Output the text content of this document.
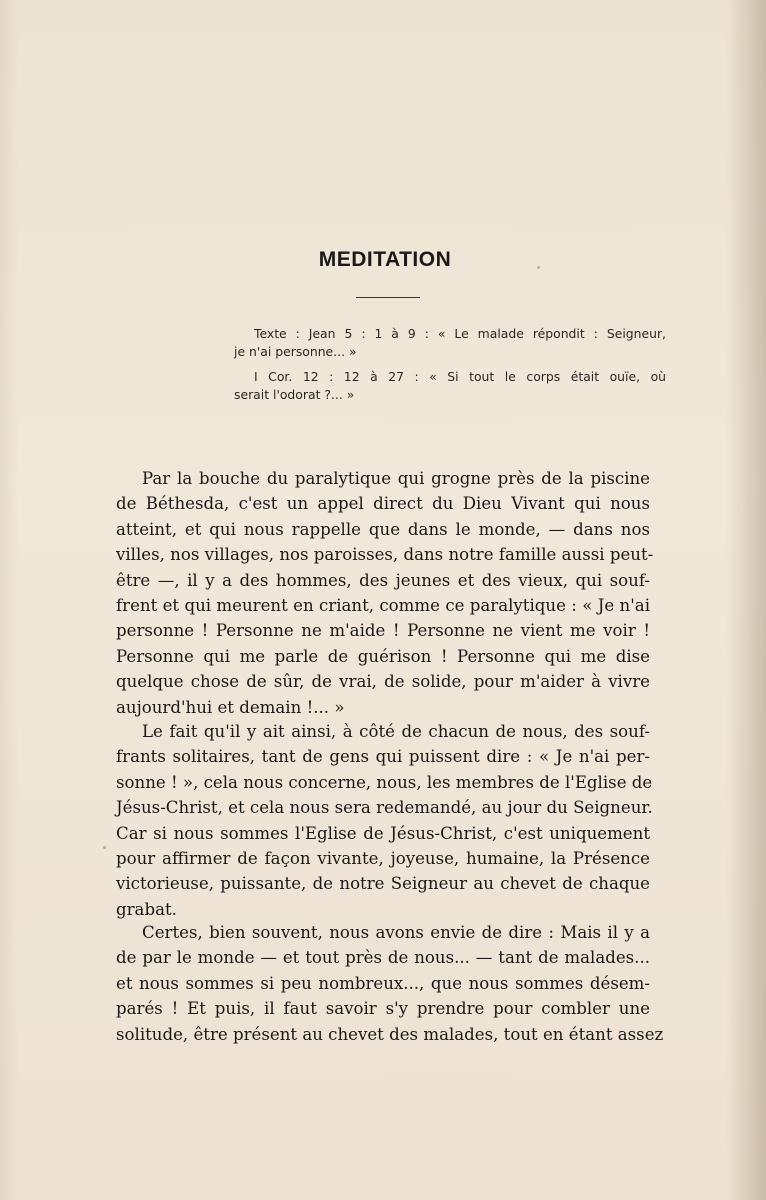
MEDITATION
Texte : Jean 5 : 1 à 9 : « Le malade répondit : Seigneur,
je n'ai personne... »
I Cor. 12 : 12 à 27 : « Si tout le corps était ouïe, où
serait l'odorat ?... »
Par la bouche du paralytique qui grogne près de la piscine
de Béthesda, c'est un appel direct du Dieu Vivant qui nous
atteint, et qui nous rappelle que dans le monde, — dans nos
villes, nos villages, nos paroisses, dans notre famille aussi peut-
être —, il y a des hommes, des jeunes et des vieux, qui souf-
frent et qui meurent en criant, comme ce paralytique : « Je n'ai
personne ! Personne ne m'aide ! Personne ne vient me voir !
Personne qui me parle de guérison ! Personne qui me dise
quelque chose de sûr, de vrai, de solide, pour m'aider à vivre
aujourd'hui et demain !... »
Le fait qu'il y ait ainsi, à côté de chacun de nous, des souf-
frants solitaires, tant de gens qui puissent dire : « Je n'ai per-
sonne ! », cela nous concerne, nous, les membres de l'Eglise de
Jésus-Christ, et cela nous sera redemandé, au jour du Seigneur.
Car si nous sommes l'Eglise de Jésus-Christ, c'est uniquement
pour affirmer de façon vivante, joyeuse, humaine, la Présence
victorieuse, puissante, de notre Seigneur au chevet de chaque
grabat.
Certes, bien souvent, nous avons envie de dire : Mais il y a
de par le monde — et tout près de nous... — tant de malades...
et nous sommes si peu nombreux..., que nous sommes désem-
parés ! Et puis, il faut savoir s'y prendre pour combler une
solitude, être présent au chevet des malades, tout en étant assez
